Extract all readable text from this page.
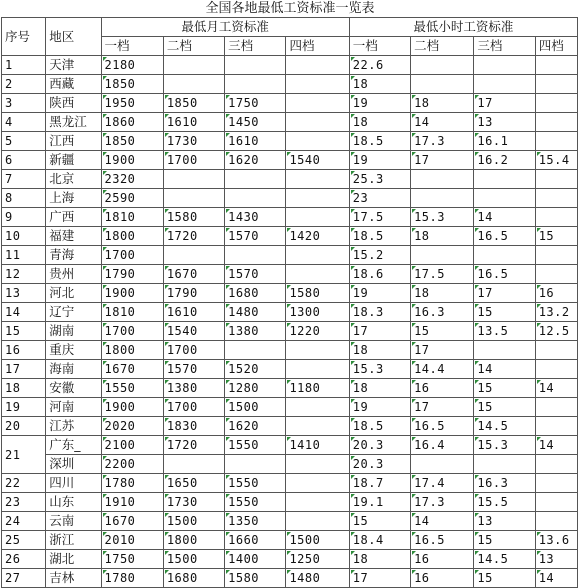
全国各地最低工资标准一览表
序号	地区	最低月工资标准				最低小时工资标准			
		一档	二档	三档	四档	一档	二档	三档	四档
1	天津	2180				22.6			
2	西藏	1850				18			
3	陕西	1950	1850	1750		19	18	17	
4	黑龙江	1860	1610	1450		18	14	13	
5	江西	1850	1730	1610		18.5	17.3	16.1	
6	新疆	1900	1700	1620	1540	19	17	16.2	15.4
7	北京	2320				25.3			
8	上海	2590				23			
9	广西	1810	1580	1430		17.5	15.3	14	
10	福建	1800	1720	1570	1420	18.5	18	16.5	15
11	青海	1700				15.2			
12	贵州	1790	1670	1570		18.6	17.5	16.5	
13	河北	1900	1790	1680	1580	19	18	17	16
14	辽宁	1810	1610	1480	1300	18.3	16.3	15	13.2
15	湖南	1700	1540	1380	1220	17	15	13.5	12.5
16	重庆	1800	1700			18	17		
17	海南	1670	1570	1520		15.3	14.4	14	
18	安徽	1550	1380	1280	1180	18	16	15	14
19	河南	1900	1700	1500		19	17	15	
20	江苏	2020	1830	1620		18.5	16.5	14.5	
21	广东_	2100	1720	1550	1410	20.3	16.4	15.3	14
	深圳	2200				20.3			
22	四川	1780	1650	1550		18.7	17.4	16.3	
23	山东	1910	1730	1550		19.1	17.3	15.5	
24	云南	1670	1500	1350		15	14	13	
25	浙江	2010	1800	1660	1500	18.4	16.5	15	13.6
26	湖北	1750	1500	1400	1250	18	16	14.5	13
27	吉林	1780	1680	1580	1480	17	16	15	14
